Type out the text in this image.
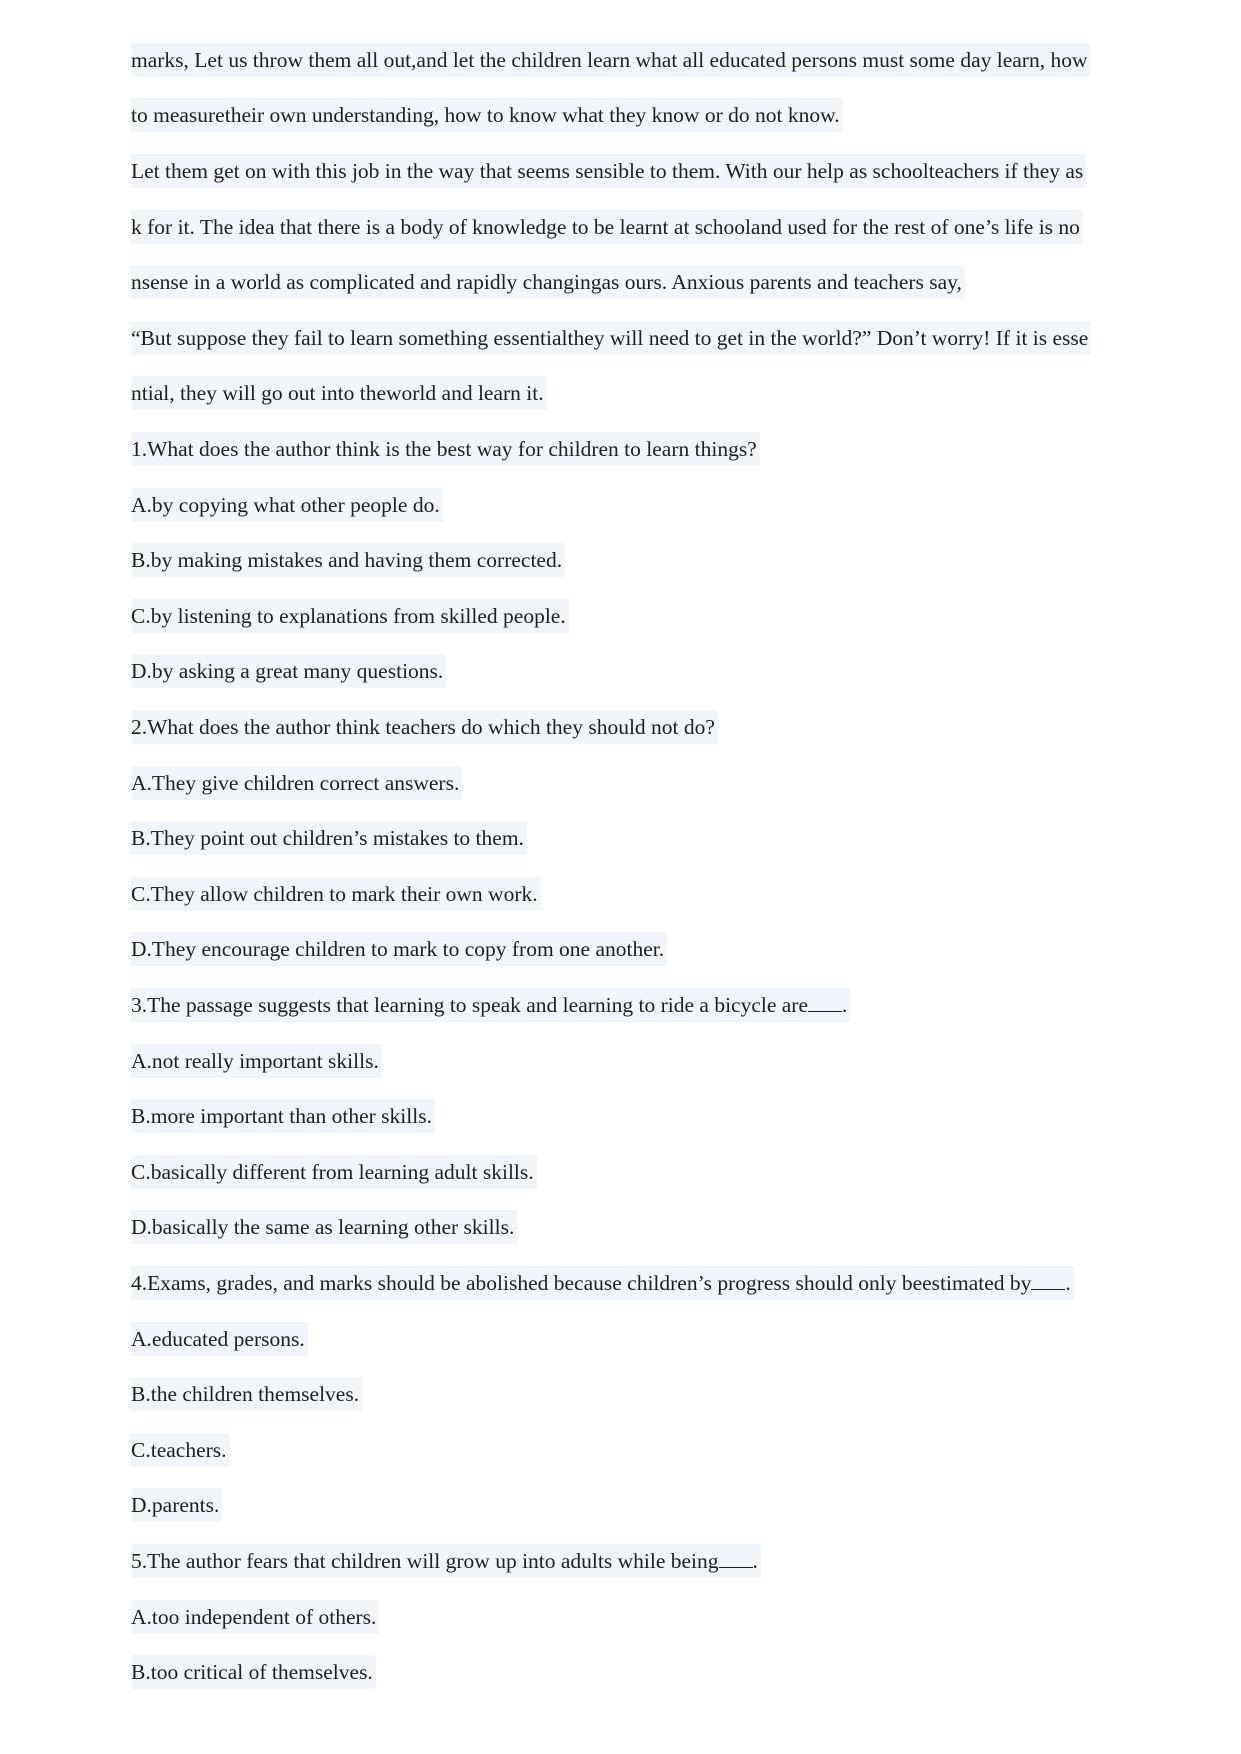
marks, Let us throw them all out,and let the children learn what all educated persons must some day learn, how
to measuretheir own understanding, how to know what they know or do not know.
Let them get on with this job in the way that seems sensible to them. With our help as schoolteachers if they as
k for it. The idea that there is a body of knowledge to be learnt at schooland used for the rest of one’s life is no
nsense in a world as complicated and rapidly changingas ours. Anxious parents and teachers say,
“But suppose they fail to learn something essentialthey will need to get in the world?” Don’t worry! If it is esse
ntial, they will go out into theworld and learn it.
1.What does the author think is the best way for children to learn things?
A.by copying what other people do.
B.by making mistakes and having them corrected.
C.by listening to explanations from skilled people.
D.by asking a great many questions.
2.What does the author think teachers do which they should not do?
A.They give children correct answers.
B.They point out children’s mistakes to them.
C.They allow children to mark their own work.
D.They encourage children to mark to copy from one another.
3.The passage suggests that learning to speak and learning to ride a bicycle are .
A.not really important skills.
B.more important than other skills.
C.basically different from learning adult skills.
D.basically the same as learning other skills.
4.Exams, grades, and marks should be abolished because children’s progress should only beestimated by .
A.educated persons.
B.the children themselves.
C.teachers.
D.parents.
5.The author fears that children will grow up into adults while being .
A.too independent of others.
B.too critical of themselves.
